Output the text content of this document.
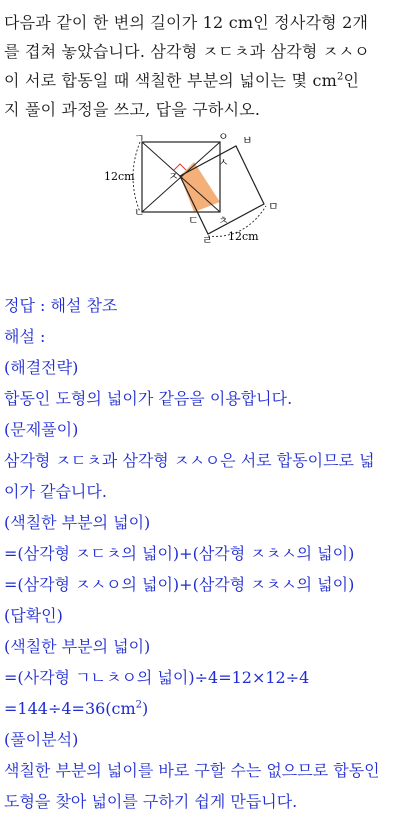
다음과 같이 한 변의 길이가 12 cm인 정사각형 2개

를 겹쳐 놓았습니다. 삼각형 ㅈㄷㅊ과 삼각형 ㅈㅅㅇ

이 서로 합동일 때 색칠한 부분의 넓이는 몇 $cm^2$인

지 풀이 과정을 쓰고, 답을 구하시오.

ㄱ	ㅇ ㅂ
ㅈ
ㅅ
ㄴ
ㄷ ㅊ
ㅁ
ㄹ
12cm
12cm

정답 : 해설 참조

해설 :

(해결전략)

합동인 도형의 넓이가 같음을 이용합니다.

(문제풀이)

삼각형 ㅈㄷㅊ과 삼각형 ㅈㅅㅇ은 서로 합동이므로 넓

이가 같습니다.

(색칠한 부분의 넓이)

=(삼각형 ㅈㄷㅊ의 넓이)+(삼각형 ㅈㅊㅅ의 넓이)

=(삼각형 ㅈㅅㅇ의 넓이)+(삼각형 ㅈㅊㅅ의 넓이)

(답확인)

(색칠한 부분의 넓이)

=(사각형 ㄱㄴㅊㅇ의 넓이)÷4=12×12÷4

$=144\div 4=36(cm^2)$

(풀이분석)

색칠한 부분의 넓이를 바로 구할 수는 없으므로 합동인

도형을 찾아 넓이를 구하기 쉽게 만듭니다.
